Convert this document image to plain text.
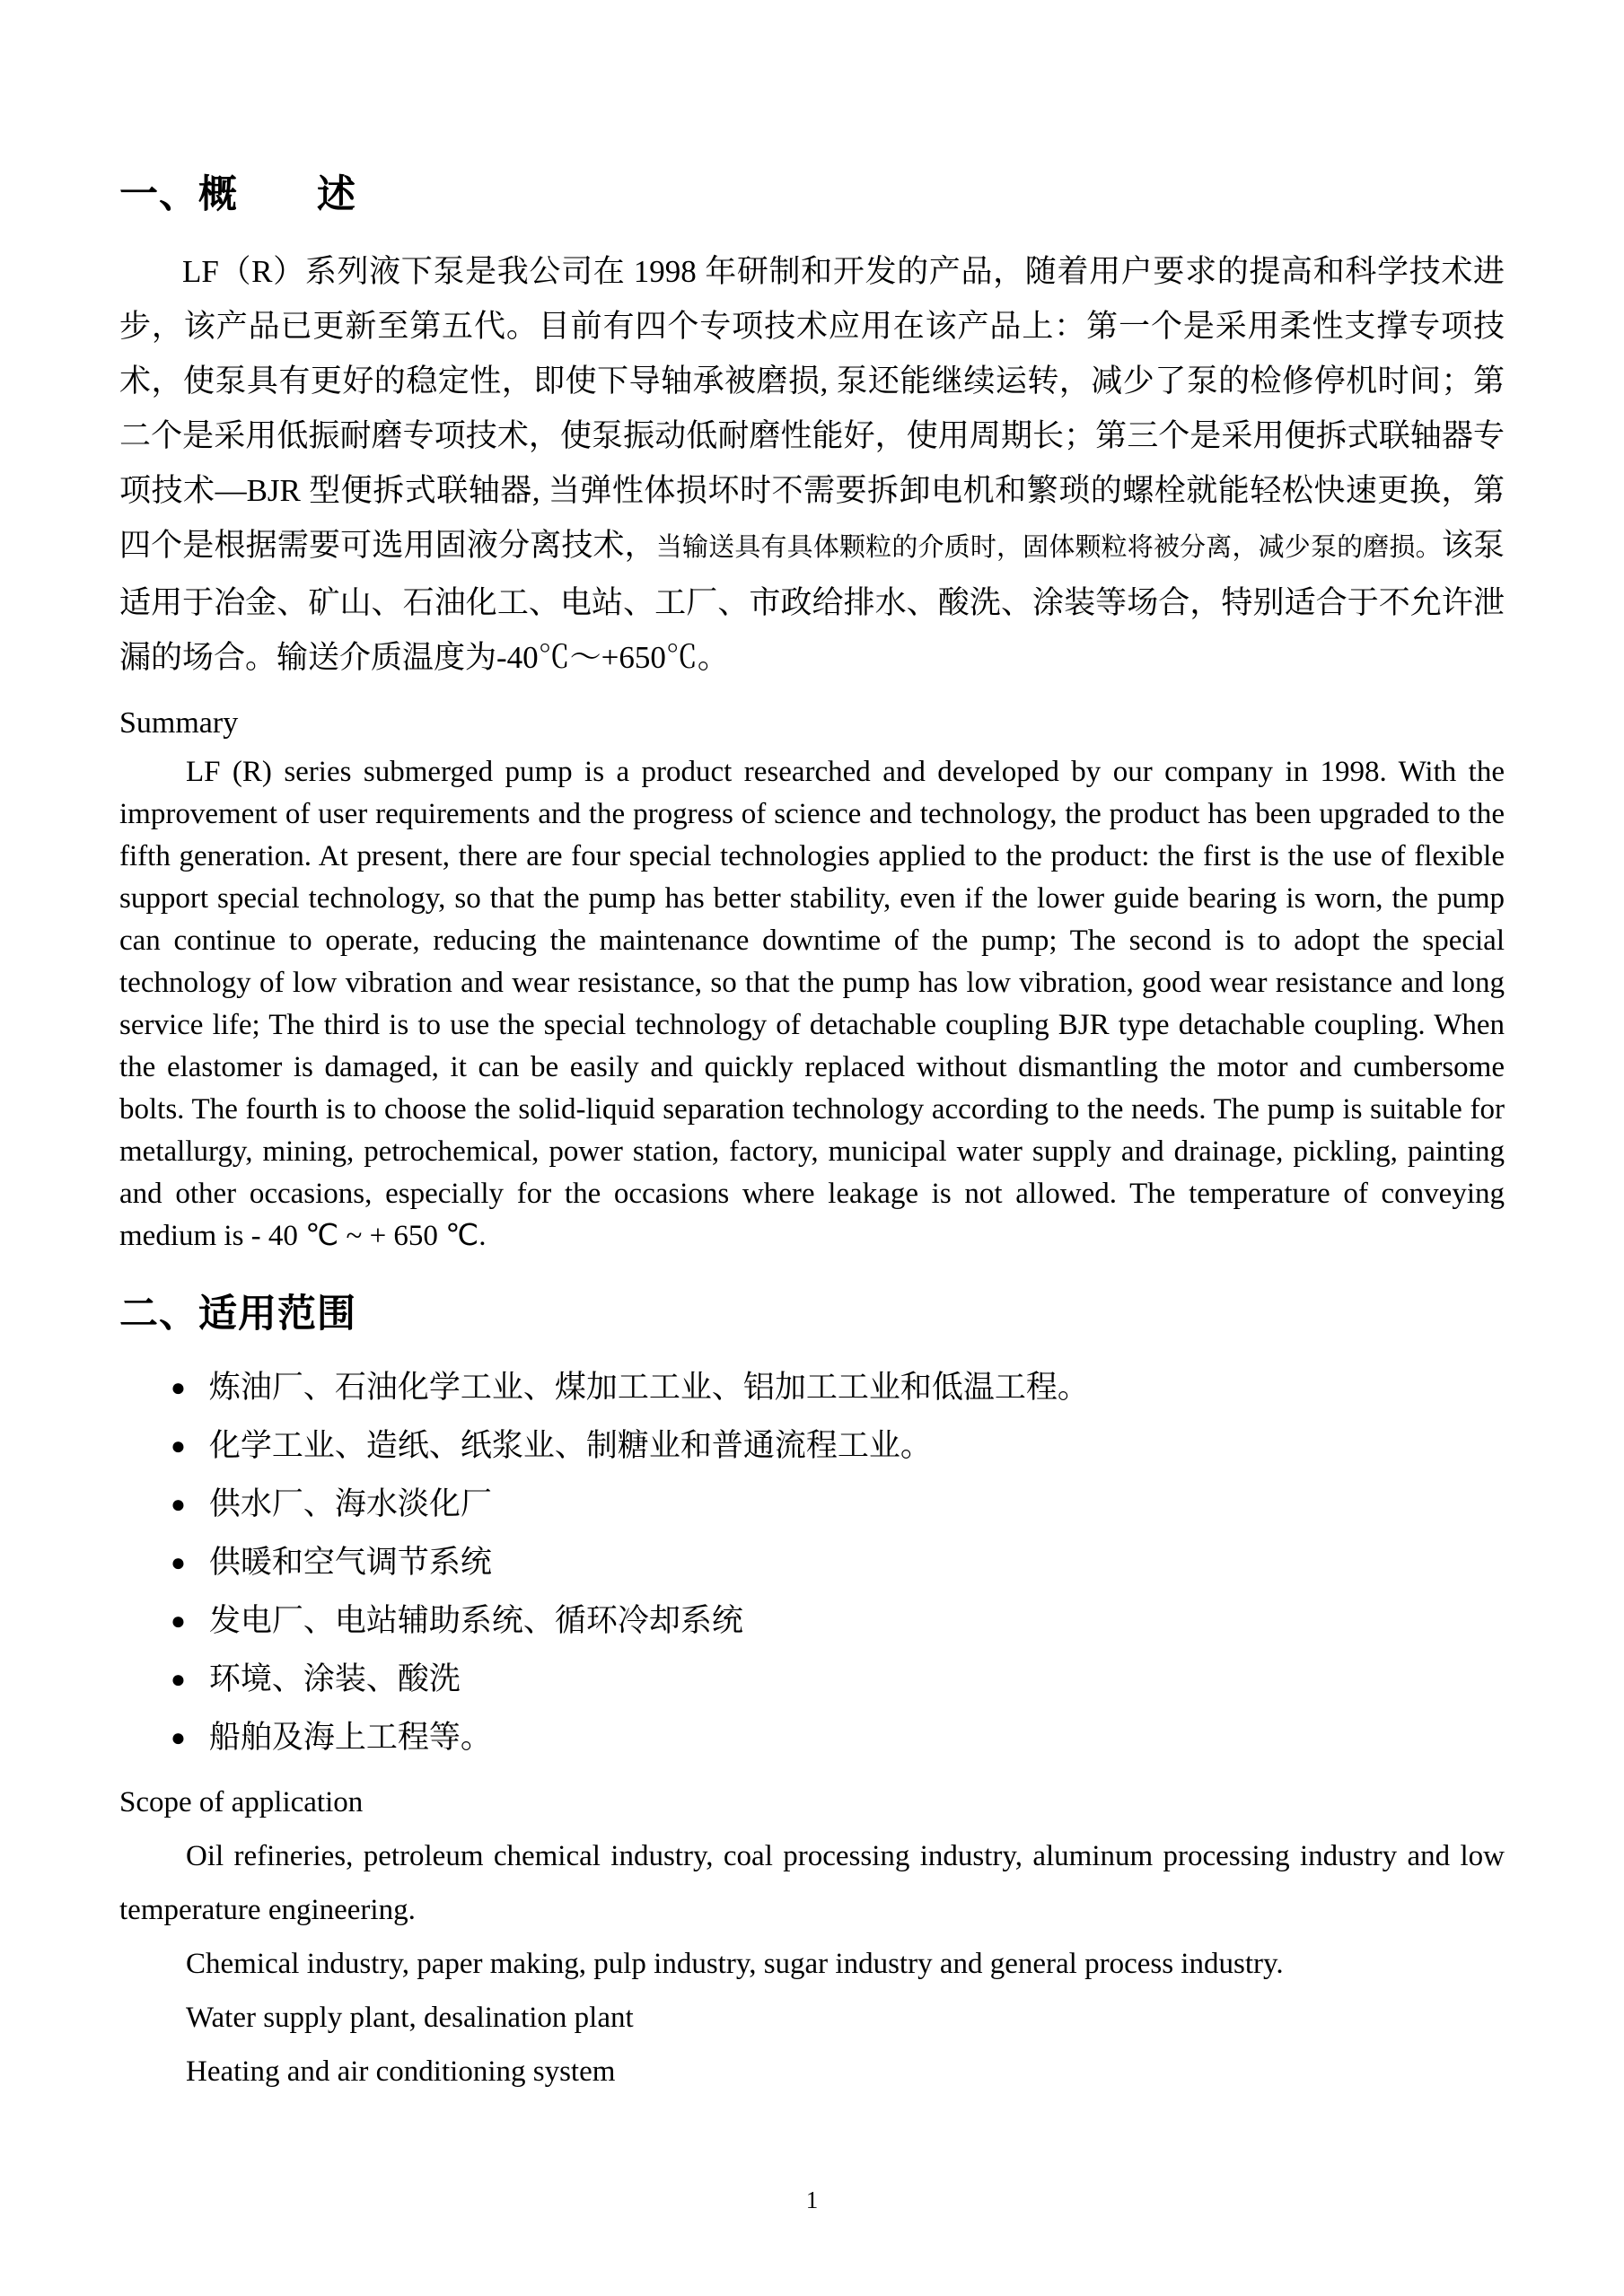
一、概　　述

LF（R）系列液下泵是我公司在 1998 年研制和开发的产品，随着用户要求的提高和科学技术进步，该产品已更新至第五代。目前有四个专项技术应用在该产品上：第一个是采用柔性支撑专项技术，使泵具有更好的稳定性，即使下导轴承被磨损, 泵还能继续运转，减少了泵的检修停机时间；第二个是采用低振耐磨专项技术，使泵振动低耐磨性能好，使用周期长；第三个是采用便拆式联轴器专项技术—BJR 型便拆式联轴器, 当弹性体损坏时不需要拆卸电机和繁琐的螺栓就能轻松快速更换，第四个是根据需要可选用固液分离技术，当输送具有具体颗粒的介质时，固体颗粒将被分离，减少泵的磨损。该泵适用于冶金、矿山、石油化工、电站、工厂、市政给排水、酸洗、涂装等场合，特别适合于不允许泄漏的场合。输送介质温度为-40℃～+650℃。

Summary

LF (R) series submerged pump is a product researched and developed by our company in 1998. With the improvement of user requirements and the progress of science and technology, the product has been upgraded to the fifth generation. At present, there are four special technologies applied to the product: the first is the use of flexible support special technology, so that the pump has better stability, even if the lower guide bearing is worn, the pump can continue to operate, reducing the maintenance downtime of the pump; The second is to adopt the special technology of low vibration and wear resistance, so that the pump has low vibration, good wear resistance and long service life; The third is to use the special technology of detachable coupling BJR type detachable coupling. When the elastomer is damaged, it can be easily and quickly replaced without dismantling the motor and cumbersome bolts. The fourth is to choose the solid-liquid separation technology according to the needs. The pump is suitable for metallurgy, mining, petrochemical, power station, factory, municipal water supply and drainage, pickling, painting and other occasions, especially for the occasions where leakage is not allowed. The temperature of conveying medium is - 40 ℃ ~ + 650 ℃.

二、适用范围
● 炼油厂、石油化学工业、煤加工工业、铝加工工业和低温工程。
● 化学工业、造纸、纸浆业、制糖业和普通流程工业。
● 供水厂、海水淡化厂
● 供暖和空气调节系统
● 发电厂、电站辅助系统、循环冷却系统
● 环境、涂装、酸洗
● 船舶及海上工程等。

Scope of application

Oil refineries, petroleum chemical industry, coal processing industry, aluminum processing industry and low temperature engineering.

Chemical industry, paper making, pulp industry, sugar industry and general process industry.

Water supply plant, desalination plant

Heating and air conditioning system

1
